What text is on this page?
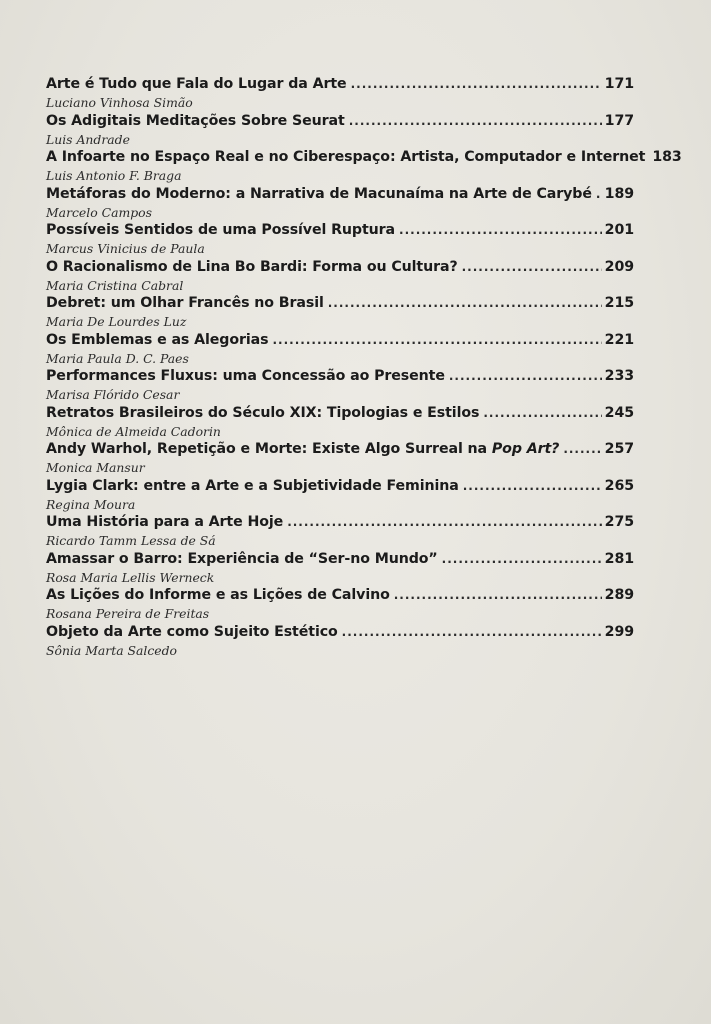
Arte é Tudo que Fala do Lugar da Arte .....	171
Luciano Vinhosa Simão
Os Adigitais Meditações Sobre Seurat .....	177
Luis Andrade
A Infoarte no Espaço Real e no Ciberespaço: Artista, Computador e Internet 183
Luis Antonio F. Braga
Metáforas do Moderno: a Narrativa de Macunaíma na Arte de Carybé ..... 189
Marcelo Campos
Possíveis Sentidos de uma Possível Ruptura .....	201
Marcus Vinicius de Paula
O Racionalismo de Lina Bo Bardi: Forma ou Cultura? .....	209
Maria Cristina Cabral
Debret: um Olhar Francês no Brasil .....	215
Maria De Lourdes Luz
Os Emblemas e as Alegorias .....	221
Maria Paula D. C. Paes
Performances Fluxus: uma Concessão ao Presente .....	233
Marisa Flórido Cesar
Retratos Brasileiros do Século XIX: Tipologias e Estilos .....	245
Mônica de Almeida Cadorin
Andy Warhol, Repetição e Morte: Existe Algo Surreal na Pop Art? .....	257
Monica Mansur
Lygia Clark: entre a Arte e a Subjetividade Feminina .....	265
Regina Moura
Uma História para a Arte Hoje .....	275
Ricardo Tamm Lessa de Sá
Amassar o Barro: Experiência de “Ser-no Mundo” .....	281
Rosa Maria Lellis Werneck
As Lições do Informe e as Lições de Calvino .....	289
Rosana Pereira de Freitas
Objeto da Arte como Sujeito Estético .....	299
Sônia Marta Salcedo
